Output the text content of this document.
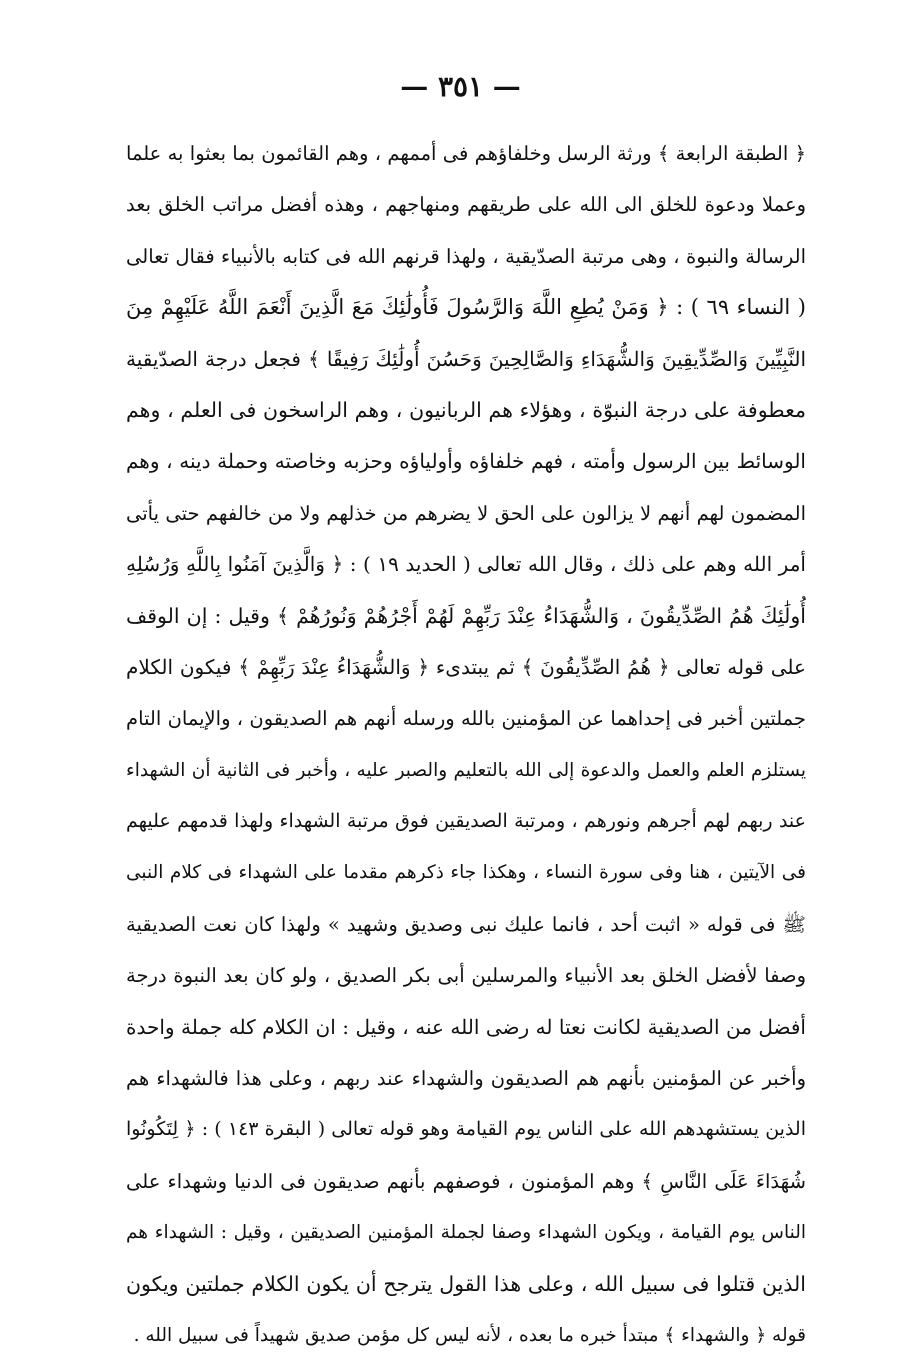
— ٣٥١ —
﴿ الطبقة الرابعة ﴾ ورثة الرسل وخلفاؤهم فى أممهم ، وهم القائمون بما بعثوا به علما
وعملا ودعوة للخلق الى الله على طريقهم ومنهاجهم ، وهذه أفضل مراتب الخلق بعد
الرسالة والنبوة ، وهى مرتبة الصدّيقية ، ولهذا قرنهم الله فى كتابه بالأنبياء فقال تعالى
( النساء ٦٩ ) : ﴿ وَمَنْ يُطِعِ اللَّهَ وَالرَّسُولَ فَأُولَٰئِكَ مَعَ الَّذِينَ أَنْعَمَ اللَّهُ عَلَيْهِمْ مِنَ
النَّبِيِّينَ وَالصِّدِّيقِينَ وَالشُّهَدَاءِ وَالصَّالِحِينَ وَحَسُنَ أُولَٰئِكَ رَفِيقًا ﴾ فجعل درجة الصدّيقية
معطوفة على درجة النبوّة ، وهؤلاء هم الربانيون ، وهم الراسخون فى العلم ، وهم
الوسائط بين الرسول وأمته ، فهم خلفاؤه وأولياؤه وحزبه وخاصته وحملة دينه ، وهم
المضمون لهم أنهم لا يزالون على الحق لا يضرهم من خذلهم ولا من خالفهم حتى يأتى
أمر الله وهم على ذلك ، وقال الله تعالى ( الحديد ١٩ ) : ﴿ وَالَّذِينَ آمَنُوا بِاللَّهِ وَرُسُلِهِ
أُولَٰئِكَ هُمُ الصِّدِّيقُونَ ، وَالشُّهَدَاءُ عِنْدَ رَبِّهِمْ لَهُمْ أَجْرُهُمْ وَنُورُهُمْ ﴾ وقيل : إن الوقف
على قوله تعالى ﴿ هُمُ الصِّدِّيقُونَ ﴾ ثم يبتدىء ﴿ وَالشُّهَدَاءُ عِنْدَ رَبِّهِمْ ﴾ فيكون الكلام
جملتين أخبر فى إحداهما عن المؤمنين بالله ورسله أنهم هم الصديقون ، والإيمان التام
يستلزم العلم والعمل والدعوة إلى الله بالتعليم والصبر عليه ، وأخبر فى الثانية أن الشهداء
عند ربهم لهم أجرهم ونورهم ، ومرتبة الصديقين فوق مرتبة الشهداء ولهذا قدمهم عليهم
فى الآيتين ، هنا وفى سورة النساء ، وهكذا جاء ذكرهم مقدما على الشهداء فى كلام النبى
ﷺ فى قوله « اثبت أحد ، فانما عليك نبى وصديق وشهيد » ولهذا كان نعت الصديقية
وصفا لأفضل الخلق بعد الأنبياء والمرسلين أبى بكر الصديق ، ولو كان بعد النبوة درجة
أفضل من الصديقية لكانت نعتا له رضى الله عنه ، وقيل : ان الكلام كله جملة واحدة
وأخبر عن المؤمنين بأنهم هم الصديقون والشهداء عند ربهم ، وعلى هذا فالشهداء هم
الذين يستشهدهم الله على الناس يوم القيامة وهو قوله تعالى ( البقرة ١٤٣ ) : ﴿ لِتَكُونُوا
شُهَدَاءَ عَلَى النَّاسِ ﴾ وهم المؤمنون ، فوصفهم بأنهم صديقون فى الدنيا وشهداء على
الناس يوم القيامة ، ويكون الشهداء وصفا لجملة المؤمنين الصديقين ، وقيل : الشهداء هم
الذين قتلوا فى سبيل الله ، وعلى هذا القول يترجح أن يكون الكلام جملتين ويكون
قوله ﴿ والشهداء ﴾ مبتدأ خبره ما بعده ، لأنه ليس كل مؤمن صديق شهيداً فى سبيل الله .
